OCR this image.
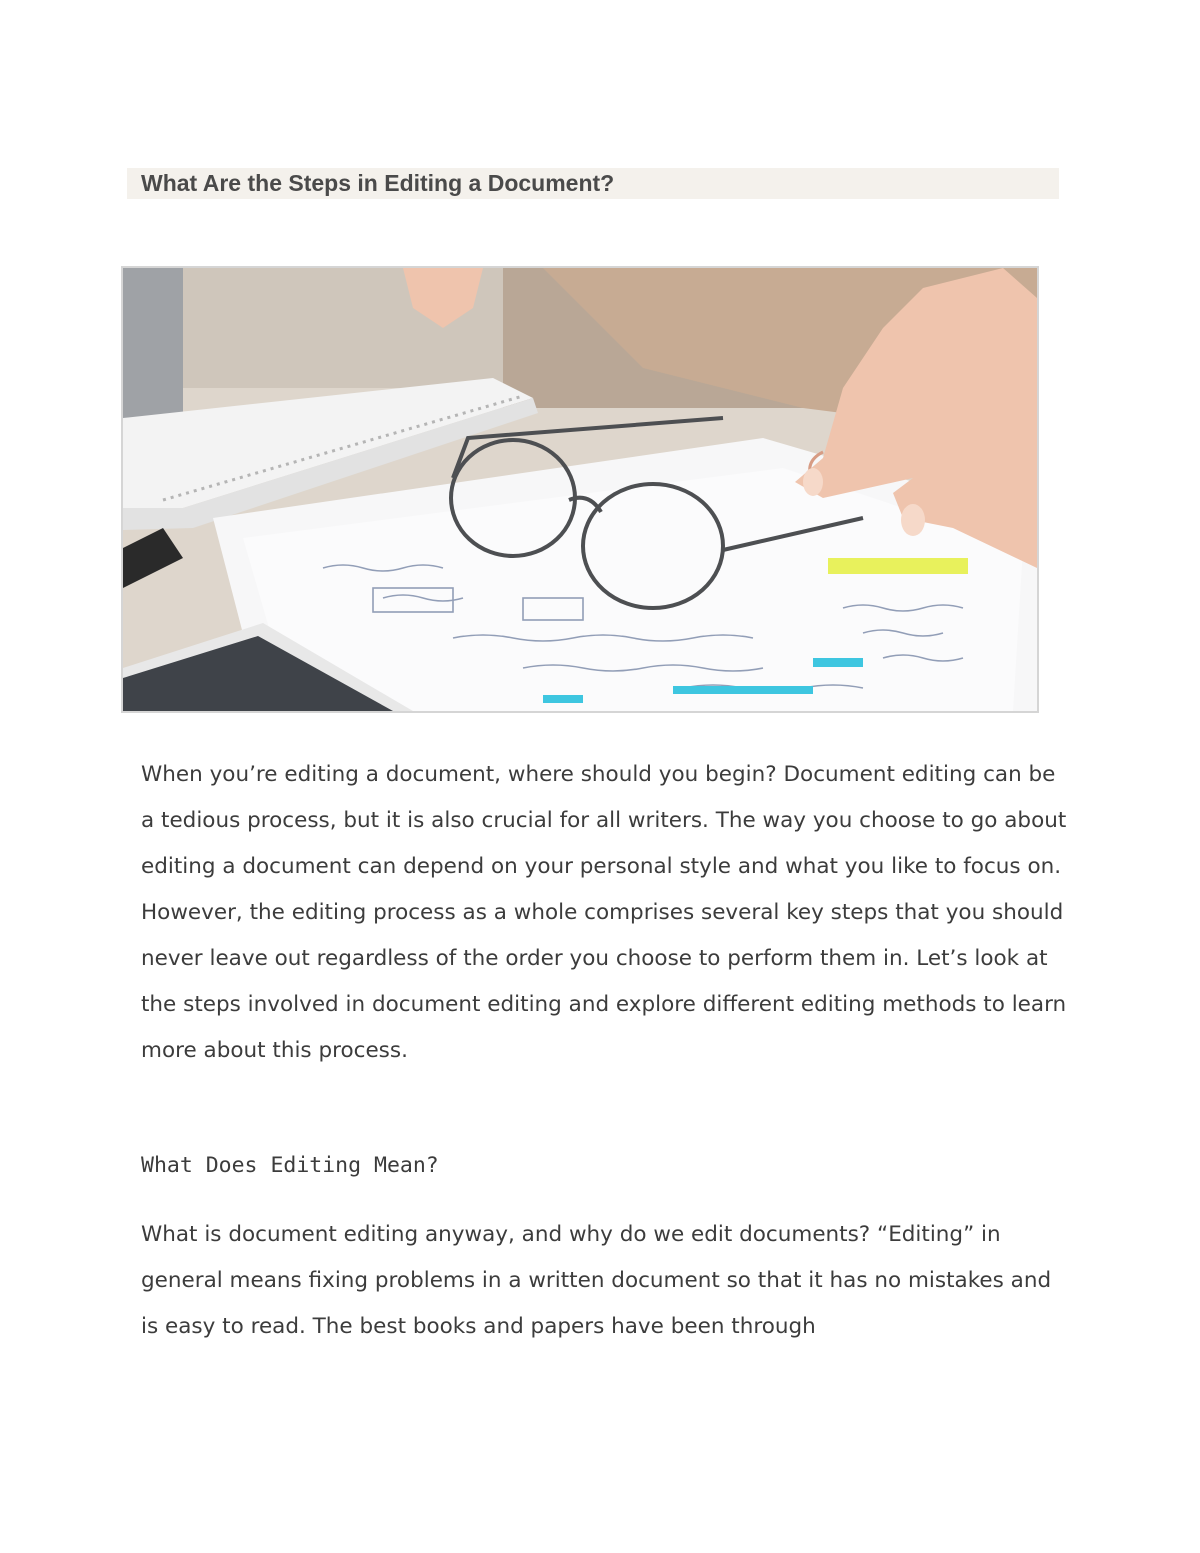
What Are the Steps in Editing a Document?

When you’re editing a document, where should you begin? Document editing can be a tedious process, but it is also crucial for all writers. The way you choose to go about editing a document can depend on your personal style and what you like to focus on. However, the editing process as a whole comprises several key steps that you should never leave out regardless of the order you choose to perform them in. Let’s look at the steps involved in document editing and explore different editing methods to learn more about this process.

What Does Editing Mean?

What is document editing anyway, and why do we edit documents? “Editing” in general means fixing problems in a written document so that it has no mistakes and is easy to read. The best books and papers have been through
